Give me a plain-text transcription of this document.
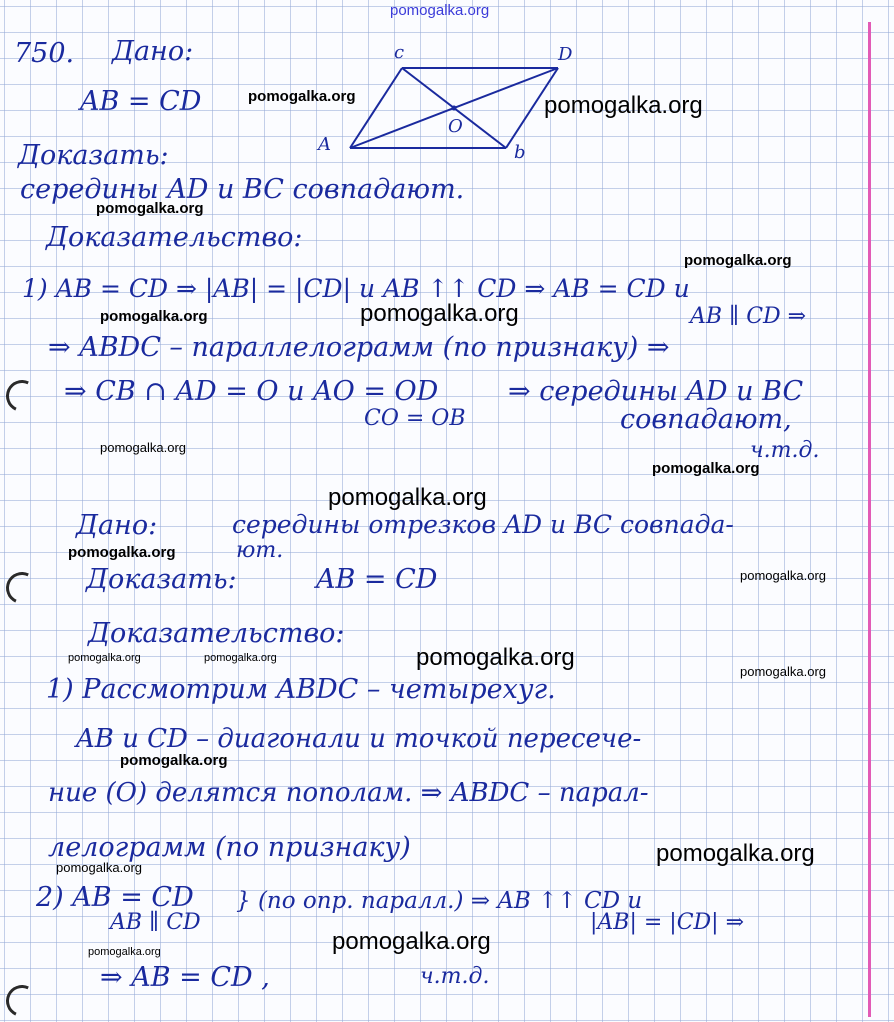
pomogalka.org
750. Дано:
AB = CD
Доказать:
середины AD и BC совпадают.
Доказательство:
1) AB = CD ⇒ |AB| = |CD| и AB ↑↑ CD ⇒ AB = CD и
AB ∥ CD ⇒
⇒ ABDC – параллелограмм (по признаку) ⇒
⇒ CB ∩ AD = O и AO = OD
CO = OB
⇒ середины AD и BC
совпадают,
ч.т.д.
A	b
c	D
O
Дано:	середины отрезков AD и BC совпада-
ют.
Доказать:	AB = CD
Доказательство:
1) Рассмотрим ABDC – четырехуг.
AB и CD – диагонали и точкой пересече-
ние (O) делятся пополам. ⇒ ABDC – парал-
лелограмм (по признаку)
2) AB = CD
AB ∥ CD
} (по опр. паралл.) ⇒ AB ↑↑ CD и
|AB| = |CD| ⇒
⇒ AB = CD ,	ч.т.д.
pomogalka.org	pomogalka.org
pomogalka.org
pomogalka.org
pomogalka.org
pomogalka.org
pomogalka.org
pomogalka.org
pomogalka.org
pomogalka.org
pomogalka.org
pomogalka.org	pomogalka.org	pomogalka.org
pomogalka.org
pomogalka.org
pomogalka.org
pomogalka.org
pomogalka.org
pomogalka.org
